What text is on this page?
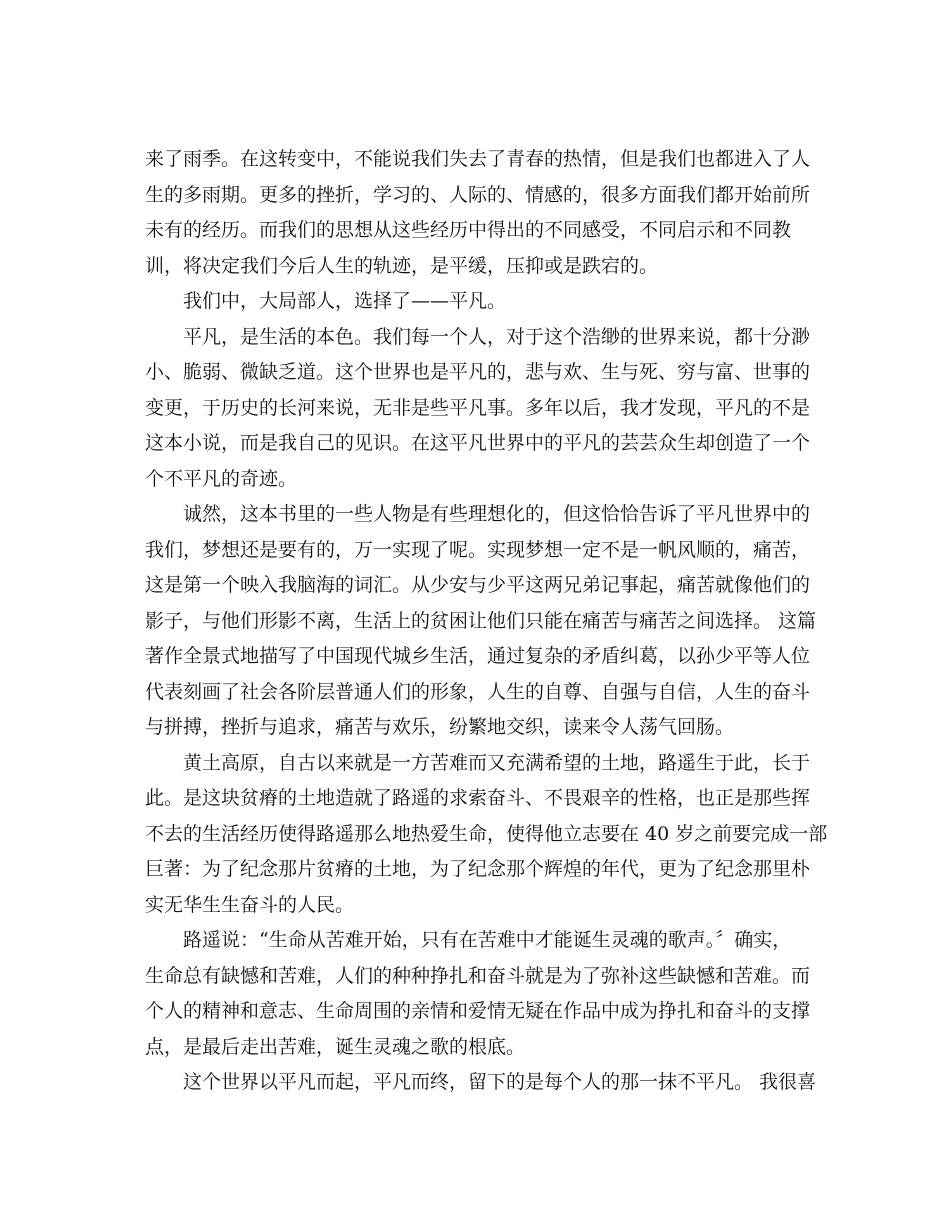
来了雨季。在这转变中，不能说我们失去了青春的热情，但是我们也都进入了人
生的多雨期。更多的挫折，学习的、人际的、情感的，很多方面我们都开始前所
未有的经历。而我们的思想从这些经历中得出的不同感受，不同启示和不同教
训，将决定我们今后人生的轨迹，是平缓，压抑或是跌宕的。
我们中，大局部人，选择了——平凡。
平凡，是生活的本色。我们每一个人，对于这个浩缈的世界来说，都十分渺
小、脆弱、微缺乏道。这个世界也是平凡的，悲与欢、生与死、穷与富、世事的
变更，于历史的长河来说，无非是些平凡事。多年以后，我才发现，平凡的不是
这本小说，而是我自己的见识。在这平凡世界中的平凡的芸芸众生却创造了一个
个不平凡的奇迹。
诚然，这本书里的一些人物是有些理想化的，但这恰恰告诉了平凡世界中的
我们，梦想还是要有的，万一实现了呢。实现梦想一定不是一帆风顺的，痛苦，
这是第一个映入我脑海的词汇。从少安与少平这两兄弟记事起，痛苦就像他们的
影子，与他们形影不离，生活上的贫困让他们只能在痛苦与痛苦之间选择。 这篇
著作全景式地描写了中国现代城乡生活，通过复杂的矛盾纠葛，以孙少平等人位
代表刻画了社会各阶层普通人们的形象，人生的自尊、自强与自信，人生的奋斗
与拼搏，挫折与追求，痛苦与欢乐，纷繁地交织，读来令人荡气回肠。
黄土高原，自古以来就是一方苦难而又充满希望的土地，路遥生于此，长于
此。是这块贫瘠的土地造就了路遥的求索奋斗、不畏艰辛的性格，也正是那些挥
不去的生活经历使得路遥那么地热爱生命，使得他立志要在 40 岁之前要完成一部
巨著：为了纪念那片贫瘠的土地，为了纪念那个辉煌的年代，更为了纪念那里朴
实无华生生奋斗的人民。
路遥说：“生命从苦难开始，只有在苦难中才能诞生灵魂的歌声。〞确实，
生命总有缺憾和苦难，人们的种种挣扎和奋斗就是为了弥补这些缺憾和苦难。而
个人的精神和意志、生命周围的亲情和爱情无疑在作品中成为挣扎和奋斗的支撑
点，是最后走出苦难，诞生灵魂之歌的根底。
这个世界以平凡而起，平凡而终，留下的是每个人的那一抹不平凡。 我很喜
